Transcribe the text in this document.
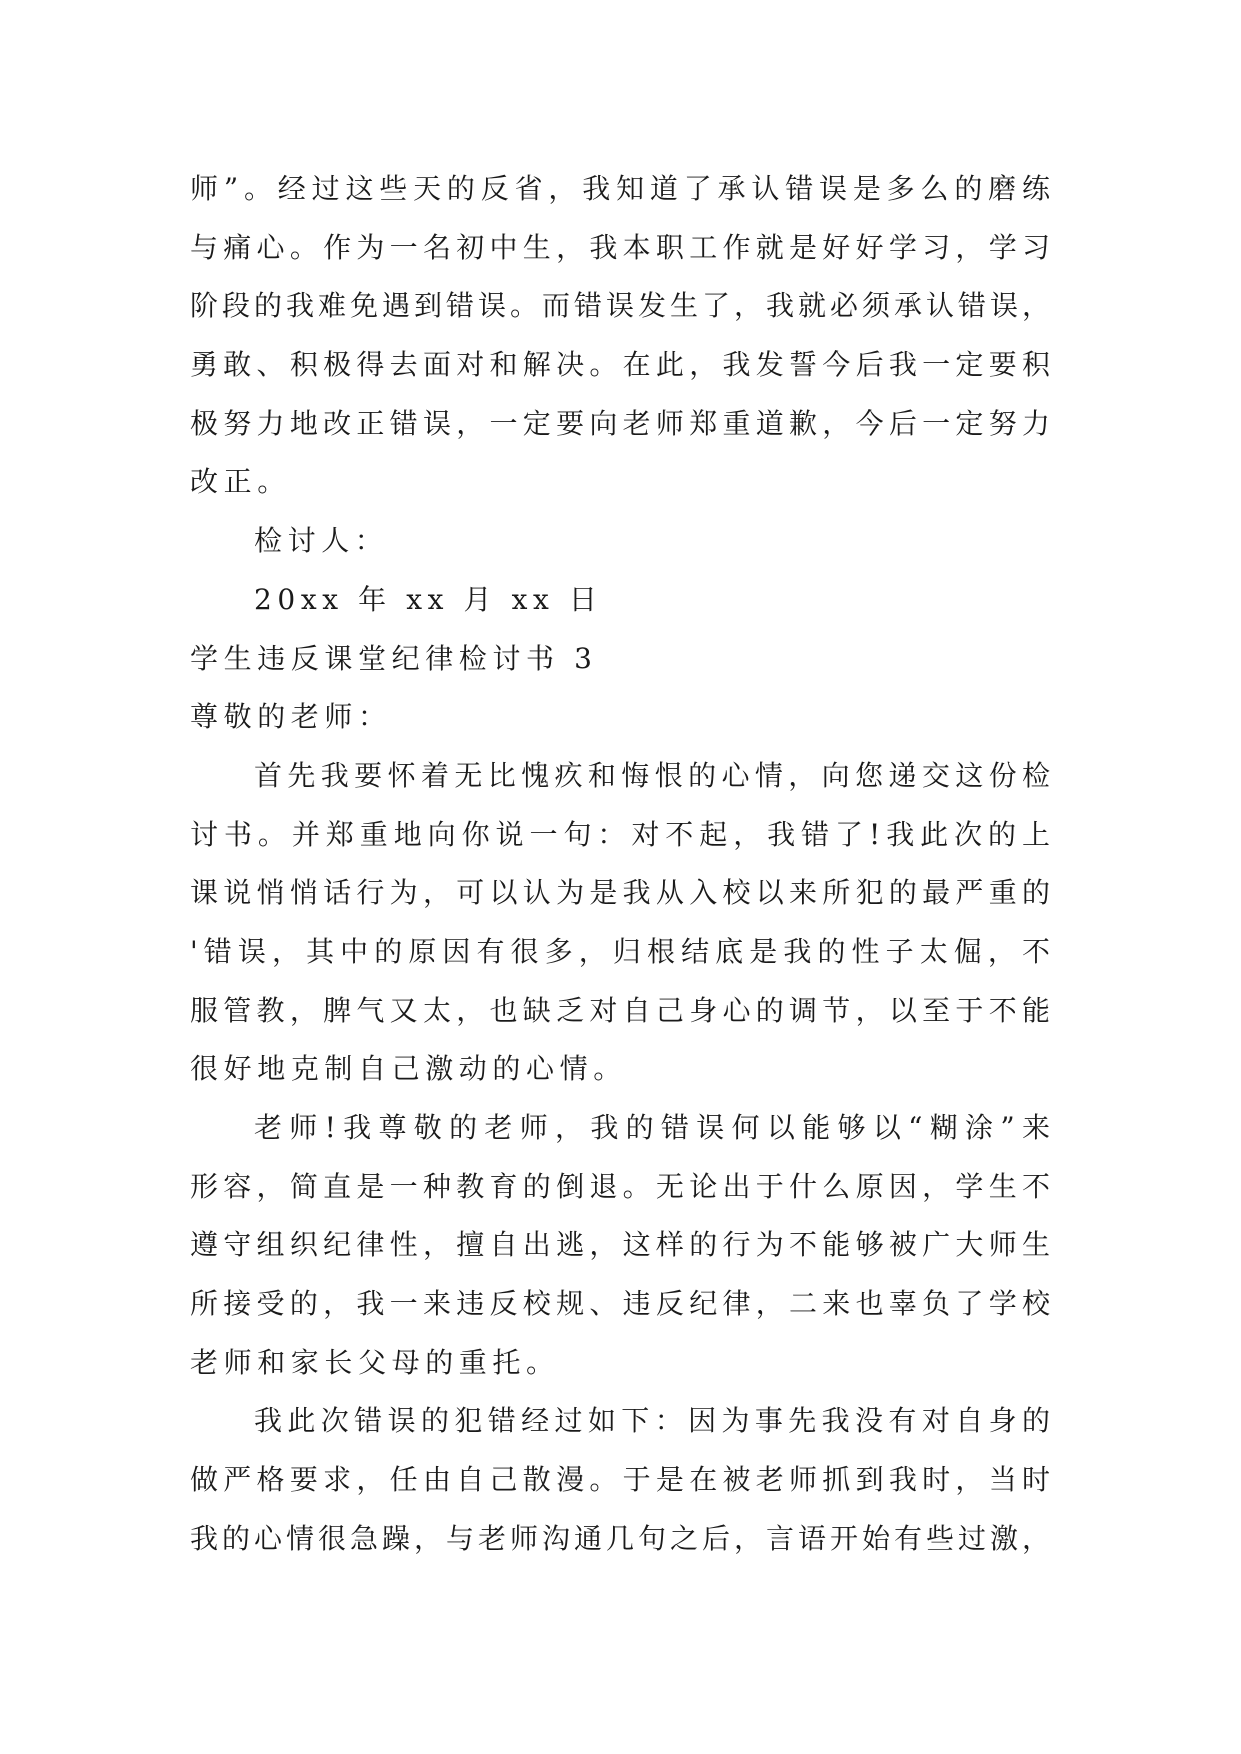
师”。经过这些天的反省，我知道了承认错误是多么的磨练
与痛心。作为一名初中生，我本职工作就是好好学习，学习
阶段的我难免遇到错误。而错误发生了，我就必须承认错误，
勇敢、积极得去面对和解决。在此，我发誓今后我一定要积
极努力地改正错误，一定要向老师郑重道歉，今后一定努力
改正。
检讨人：
20xx 年 xx 月 xx 日
学生违反课堂纪律检讨书 3
尊敬的老师：
首先我要怀着无比愧疚和悔恨的心情，向您递交这份检
讨书。并郑重地向你说一句：对不起，我错了!我此次的上
课说悄悄话行为，可以认为是我从入校以来所犯的最严重的
'错误，其中的原因有很多，归根结底是我的性子太倔，不
服管教，脾气又太，也缺乏对自己身心的调节，以至于不能
很好地克制自己激动的心情。
老师!我尊敬的老师，我的错误何以能够以“糊涂”来
形容，简直是一种教育的倒退。无论出于什么原因，学生不
遵守组织纪律性，擅自出逃，这样的行为不能够被广大师生
所接受的，我一来违反校规、违反纪律，二来也辜负了学校
老师和家长父母的重托。
我此次错误的犯错经过如下：因为事先我没有对自身的
做严格要求，任由自己散漫。于是在被老师抓到我时，当时
我的心情很急躁，与老师沟通几句之后，言语开始有些过激，
